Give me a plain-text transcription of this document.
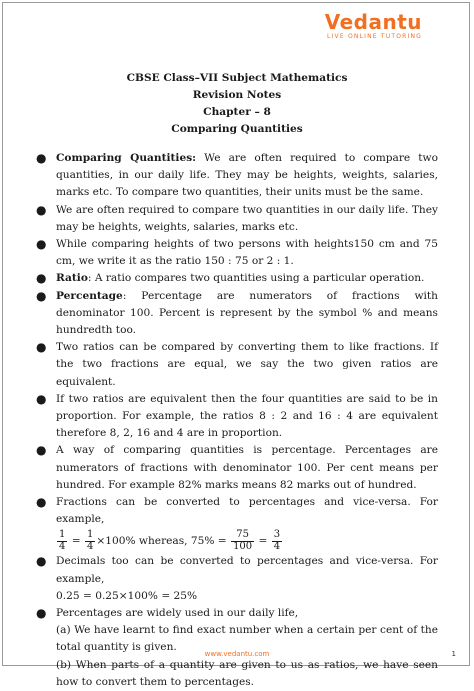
Vedantu
LIVE ONLINE TUTORING
CBSE Class–VII Subject Mathematics
Revision Notes
Chapter – 8
Comparing Quantities
● Comparing Quantities: We are often required to compare two quantities, in our daily life. They may be heights, weights, salaries, marks etc. To compare two quantities, their units must be the same.
● We are often required to compare two quantities in our daily life. They may be heights, weights, salaries, marks etc.
● While comparing heights of two persons with heights150 cm and 75 cm, we write it as the ratio 150 : 75 or 2 : 1.
● Ratio: A ratio compares two quantities using a particular operation.
● Percentage: Percentage are numerators of fractions with denominator 100. Percent is represent by the symbol % and means hundredth too.
● Two ratios can be compared by converting them to like fractions. If the two fractions are equal, we say the two given ratios are equivalent.
● If two ratios are equivalent then the four quantities are said to be in proportion. For example, the ratios 8 : 2 and 16 : 4 are equivalent therefore 8, 2, 16 and 4 are in proportion.
● A way of comparing quantities is percentage. Percentages are numerators of fractions with denominator 100. Per cent means per hundred. For example 82% marks means 82 marks out of hundred.
● Fractions can be converted to percentages and vice-versa. For example,
$\frac{1}{4} = \frac{1}{4} \times 100\%$ whereas, $75\% = \frac{75}{100} = \frac{3}{4}$
● Decimals too can be converted to percentages and vice-versa. For example,
0.25 = 0.25×100% = 25%
● Percentages are widely used in our daily life,
(a) We have learnt to find exact number when a certain per cent of the total quantity is given.
(b) When parts of a quantity are given to us as ratios, we have seen how to convert them to percentages.
www.vedantu.com	1
